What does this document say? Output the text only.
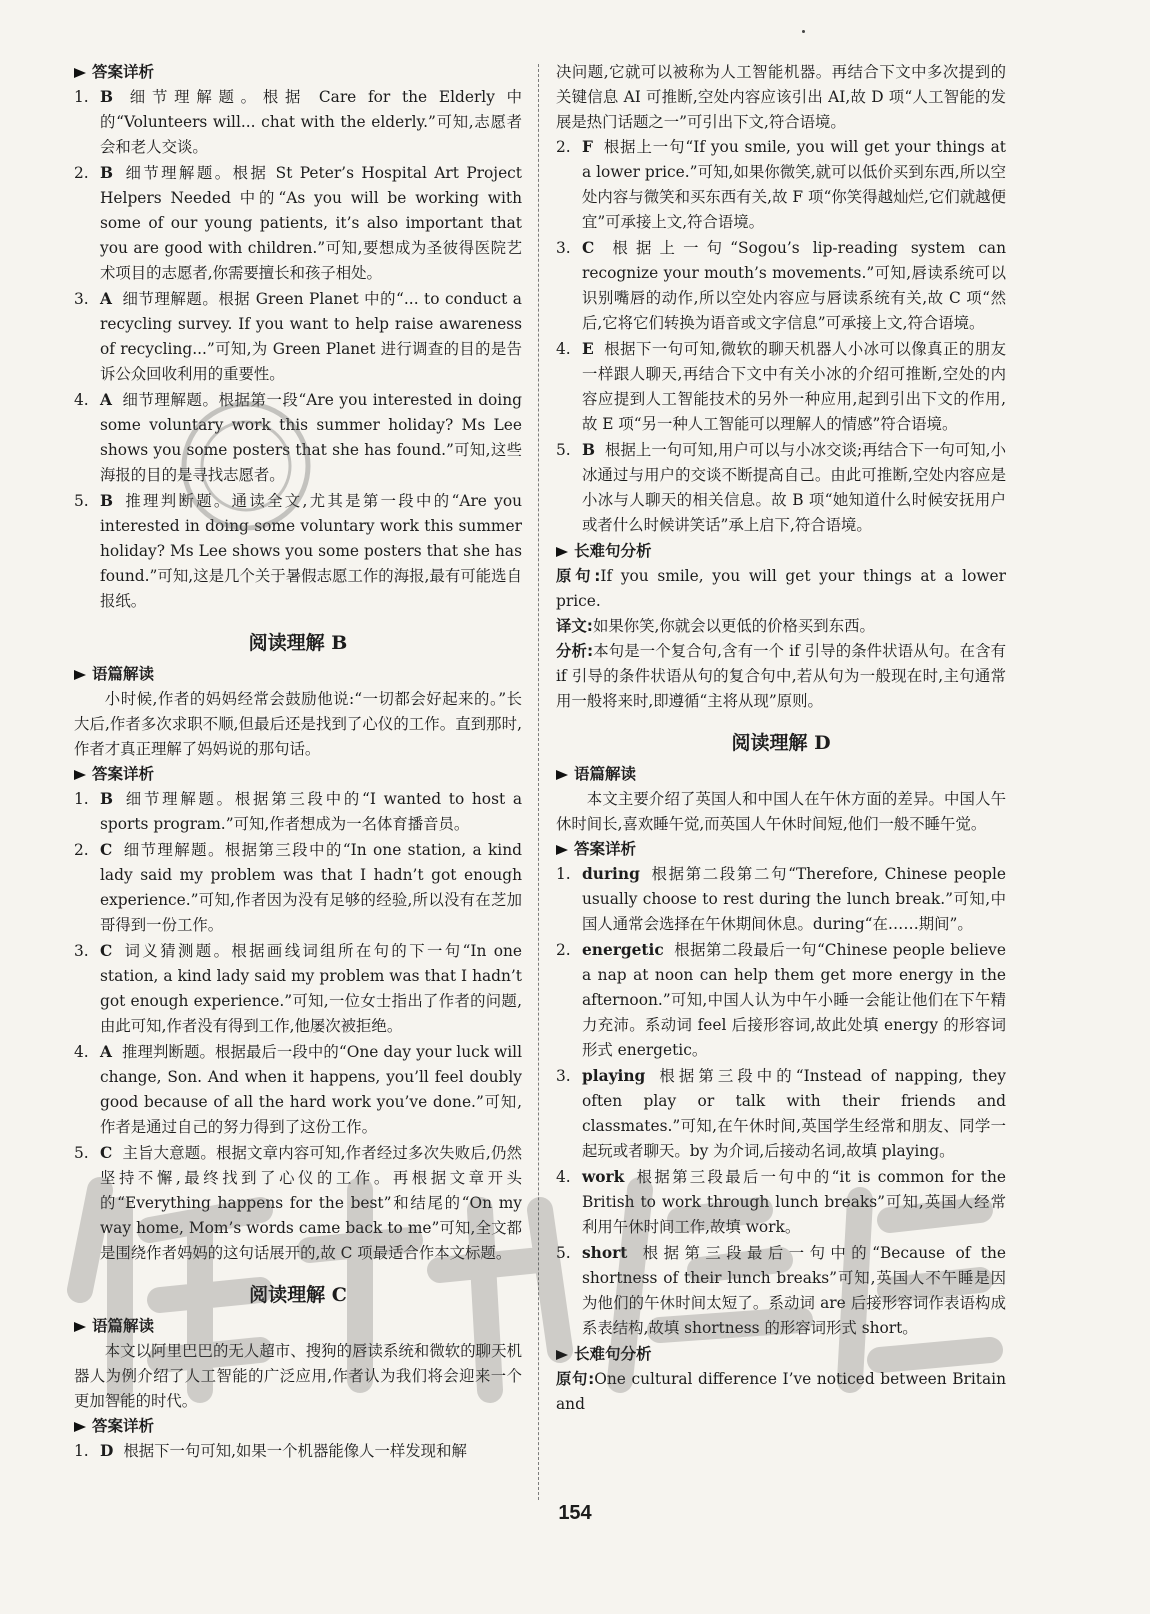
答案详析
1. B 细节理解题。根据 Care for the Elderly 中的“Volunteers will... chat with the elderly.”可知,志愿者会和老人交谈。
2. B 细节理解题。根据 St Peter’s Hospital Art Project Helpers Needed 中的“As you will be working with some of our young patients, it’s also important that you are good with children.”可知,要想成为圣彼得医院艺术项目的志愿者,你需要擅长和孩子相处。
3. A 细节理解题。根据 Green Planet 中的“... to conduct a recycling survey. If you want to help raise awareness of recycling...”可知,为 Green Planet 进行调查的目的是告诉公众回收利用的重要性。
4. A 细节理解题。根据第一段“Are you interested in doing some voluntary work this summer holiday? Ms Lee shows you some posters that she has found.”可知,这些海报的目的是寻找志愿者。
5. B 推理判断题。通读全文,尤其是第一段中的“Are you interested in doing some voluntary work this summer holiday? Ms Lee shows you some posters that she has found.”可知,这是几个关于暑假志愿工作的海报,最有可能选自报纸。
阅读理解 B
语篇解读

小时候,作者的妈妈经常会鼓励他说:“一切都会好起来的。”长大后,作者多次求职不顺,但最后还是找到了心仪的工作。直到那时,作者才真正理解了妈妈说的那句话。

答案详析
1. B 细节理解题。根据第三段中的“I wanted to host a sports program.”可知,作者想成为一名体育播音员。
2. C 细节理解题。根据第三段中的“In one station, a kind lady said my problem was that I hadn’t got enough experience.”可知,作者因为没有足够的经验,所以没有在芝加哥得到一份工作。
3. C 词义猜测题。根据画线词组所在句的下一句“In one station, a kind lady said my problem was that I hadn’t got enough experience.”可知,一位女士指出了作者的问题,由此可知,作者没有得到工作,他屡次被拒绝。
4. A 推理判断题。根据最后一段中的“One day your luck will change, Son. And when it happens, you’ll feel doubly good because of all the hard work you’ve done.”可知,作者是通过自己的努力得到了这份工作。
5. C 主旨大意题。根据文章内容可知,作者经过多次失败后,仍然坚持不懈,最终找到了心仪的工作。再根据文章开头的“Everything happens for the best”和结尾的“On my way home, Mom’s words came back to me”可知,全文都是围绕作者妈妈的这句话展开的,故 C 项最适合作本文标题。
阅读理解 C
语篇解读

本文以阿里巴巴的无人超市、搜狗的唇读系统和微软的聊天机器人为例介绍了人工智能的广泛应用,作者认为我们将会迎来一个更加智能的时代。

答案详析
1. D 根据下一句可知,如果一个机器能像人一样发现和解

决问题,它就可以被称为人工智能机器。再结合下文中多次提到的关键信息 AI 可推断,空处内容应该引出 AI,故 D 项“人工智能的发展是热门话题之一”可引出下文,符合语境。

2. F 根据上一句“If you smile, you will get your things at a lower price.”可知,如果你微笑,就可以低价买到东西,所以空处内容与微笑和买东西有关,故 F 项“你笑得越灿烂,它们就越便宜”可承接上文,符合语境。
3. C 根据上一句“Sogou’s lip-reading system can recognize your mouth’s movements.”可知,唇读系统可以识别嘴唇的动作,所以空处内容应与唇读系统有关,故 C 项“然后,它将它们转换为语音或文字信息”可承接上文,符合语境。
4. E 根据下一句可知,微软的聊天机器人小冰可以像真正的朋友一样跟人聊天,再结合下文中有关小冰的介绍可推断,空处的内容应提到人工智能技术的另外一种应用,起到引出下文的作用,故 E 项“另一种人工智能可以理解人的情感”符合语境。
5. B 根据上一句可知,用户可以与小冰交谈;再结合下一句可知,小冰通过与用户的交谈不断提高自己。由此可推断,空处内容应是小冰与人聊天的相关信息。故 B 项“她知道什么时候安抚用户或者什么时候讲笑话”承上启下,符合语境。
长难句分析

原句:If you smile, you will get your things at a lower price.

译文:如果你笑,你就会以更低的价格买到东西。

分析:本句是一个复合句,含有一个 if 引导的条件状语从句。在含有 if 引导的条件状语从句的复合句中,若从句为一般现在时,主句通常用一般将来时,即遵循“主将从现”原则。

阅读理解 D
语篇解读

本文主要介绍了英国人和中国人在午休方面的差异。中国人午休时间长,喜欢睡午觉,而英国人午休时间短,他们一般不睡午觉。

答案详析
1. during 根据第二段第二句“Therefore, Chinese people usually choose to rest during the lunch break.”可知,中国人通常会选择在午休期间休息。during“在……期间”。
2. energetic 根据第二段最后一句“Chinese people believe a nap at noon can help them get more energy in the afternoon.”可知,中国人认为中午小睡一会能让他们在下午精力充沛。系动词 feel 后接形容词,故此处填 energy 的形容词形式 energetic。
3. playing 根据第三段中的“Instead of napping, they often play or talk with their friends and classmates.”可知,在午休时间,英国学生经常和朋友、同学一起玩或者聊天。by 为介词,后接动名词,故填 playing。
4. work 根据第三段最后一句中的“it is common for the British to work through lunch breaks”可知,英国人经常利用午休时间工作,故填 work。
5. short 根据第三段最后一句中的“Because of the shortness of their lunch breaks”可知,英国人不午睡是因为他们的午休时间太短了。系动词 are 后接形容词作表语构成系表结构,故填 shortness 的形容词形式 short。
长难句分析

原句:One cultural difference I’ve noticed between Britain and

154
